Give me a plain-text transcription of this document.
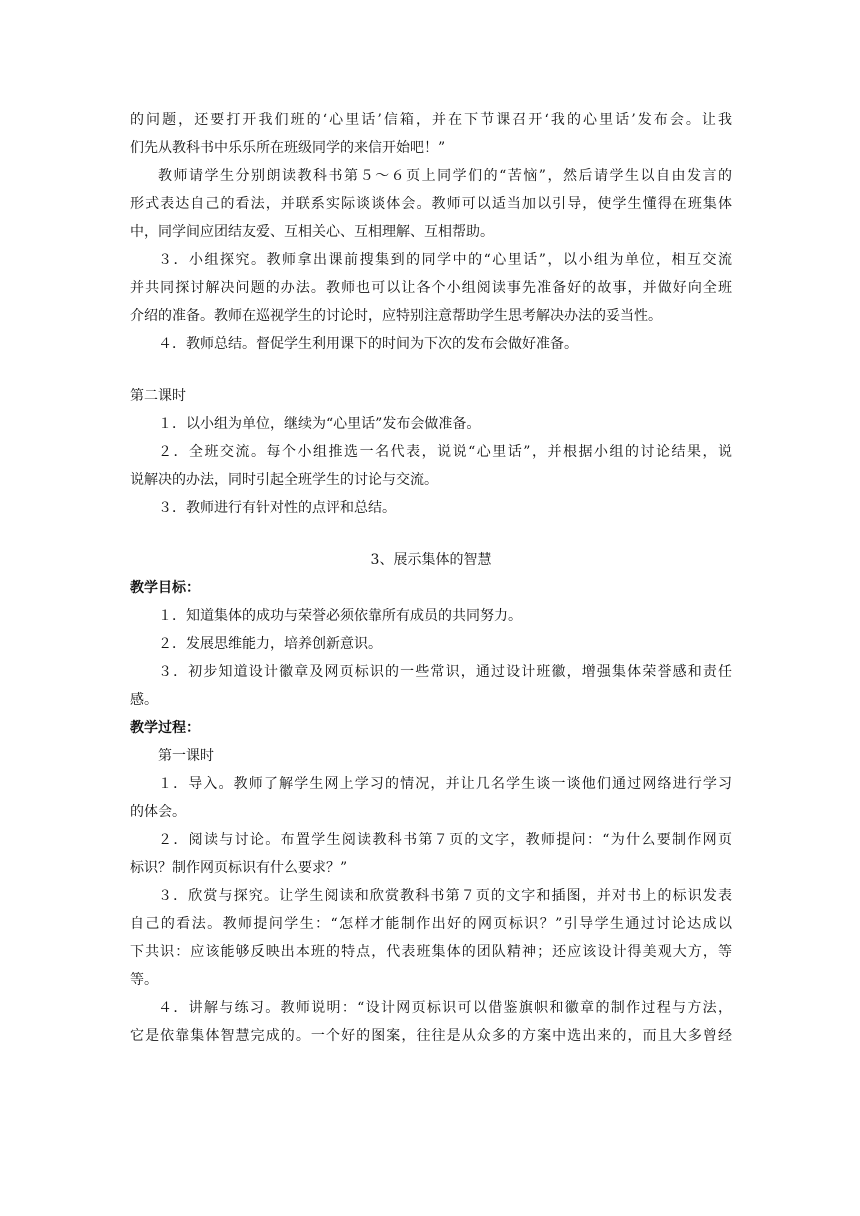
的问题，还要打开我们班的‘心里话’信箱，并在下节课召开‘我的心里话’发布会。让我
们先从教科书中乐乐所在班级同学的来信开始吧！”
教师请学生分别朗读教科书第５～６页上同学们的“苦恼”，然后请学生以自由发言的
形式表达自己的看法，并联系实际谈谈体会。教师可以适当加以引导，使学生懂得在班集体
中，同学间应团结友爱、互相关心、互相理解、互相帮助。
３．小组探究。教师拿出课前搜集到的同学中的“心里话”，以小组为单位，相互交流
并共同探讨解决问题的办法。教师也可以让各个小组阅读事先准备好的故事，并做好向全班
介绍的准备。教师在巡视学生的讨论时，应特别注意帮助学生思考解决办法的妥当性。
４．教师总结。督促学生利用课下的时间为下次的发布会做好准备。
第二课时
１．以小组为单位，继续为“心里话”发布会做准备。
２．全班交流。每个小组推选一名代表，说说“心里话”，并根据小组的讨论结果，说
说解决的办法，同时引起全班学生的讨论与交流。
３．教师进行有针对性的点评和总结。
3、展示集体的智慧
教学目标：
１．知道集体的成功与荣誉必须依靠所有成员的共同努力。
２．发展思维能力，培养创新意识。
３．初步知道设计徽章及网页标识的一些常识，通过设计班徽，增强集体荣誉感和责任
感。
教学过程：
第一课时
１．导入。教师了解学生网上学习的情况，并让几名学生谈一谈他们通过网络进行学习
的体会。
２．阅读与讨论。布置学生阅读教科书第７页的文字，教师提问：“为什么要制作网页
标识？制作网页标识有什么要求？”
３．欣赏与探究。让学生阅读和欣赏教科书第７页的文字和插图，并对书上的标识发表
自己的看法。教师提问学生：“怎样才能制作出好的网页标识？”引导学生通过讨论达成以
下共识：应该能够反映出本班的特点，代表班集体的团队精神；还应该设计得美观大方，等
等。
４．讲解与练习。教师说明：“设计网页标识可以借鉴旗帜和徽章的制作过程与方法，
它是依靠集体智慧完成的。一个好的图案，往往是从众多的方案中选出来的，而且大多曾经
